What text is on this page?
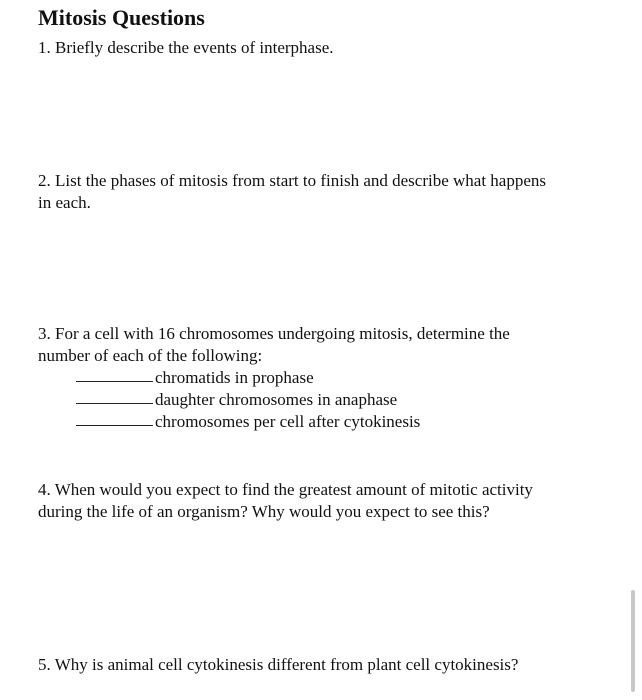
Mitosis Questions

1. Briefly describe the events of interphase.

2. List the phases of mitosis from start to finish and describe what happens

in each.

3. For a cell with 16 chromosomes undergoing mitosis, determine the

number of each of the following:

chromatids in prophase
daughter chromosomes in anaphase
chromosomes per cell after cytokinesis

4. When would you expect to find the greatest amount of mitotic activity

during the life of an organism? Why would you expect to see this?

5. Why is animal cell cytokinesis different from plant cell cytokinesis?
